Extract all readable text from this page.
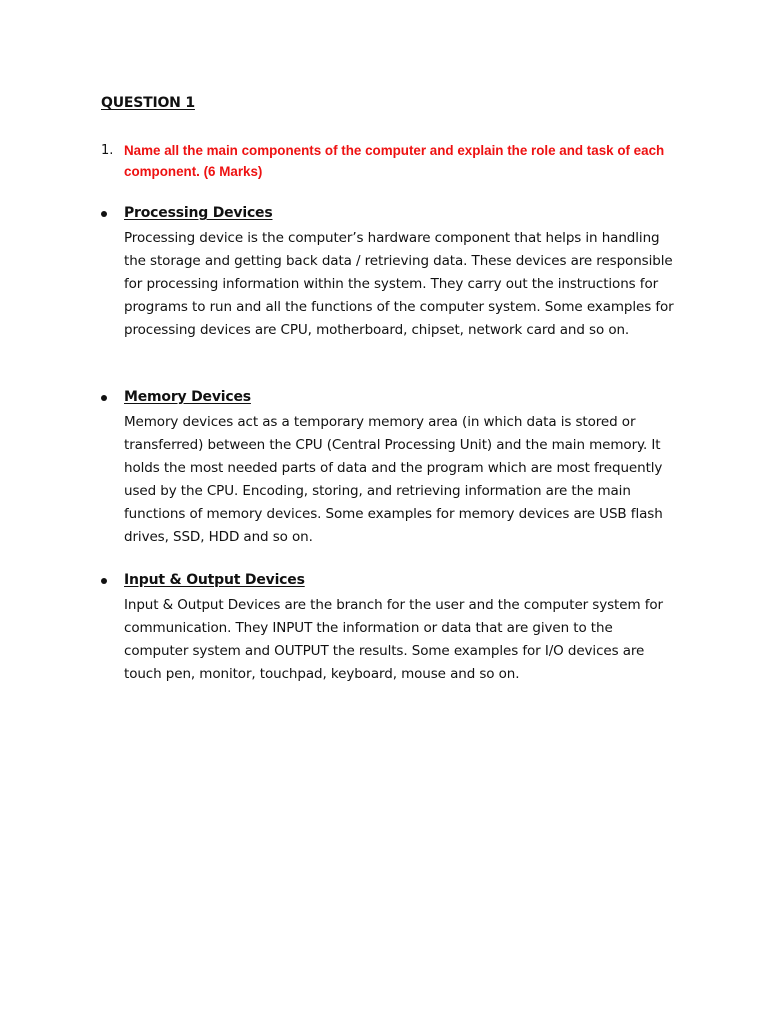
QUESTION 1
1. Name all the main components of the computer and explain the role and task of each component. (6 Marks)
Processing Devices
Processing device is the computer’s hardware component that helps in handling the storage and getting back data / retrieving data. These devices are responsible for processing information within the system. They carry out the instructions for programs to run and all the functions of the computer system. Some examples for processing devices are CPU, motherboard, chipset, network card and so on.
Memory Devices
Memory devices act as a temporary memory area (in which data is stored or transferred) between the CPU (Central Processing Unit) and the main memory. It holds the most needed parts of data and the program which are most frequently used by the CPU. Encoding, storing, and retrieving information are the main functions of memory devices. Some examples for memory devices are USB flash drives, SSD, HDD and so on.
Input & Output Devices
Input & Output Devices are the branch for the user and the computer system for communication. They INPUT the information or data that are given to the computer system and OUTPUT the results. Some examples for I/O devices are touch pen, monitor, touchpad, keyboard, mouse and so on.
